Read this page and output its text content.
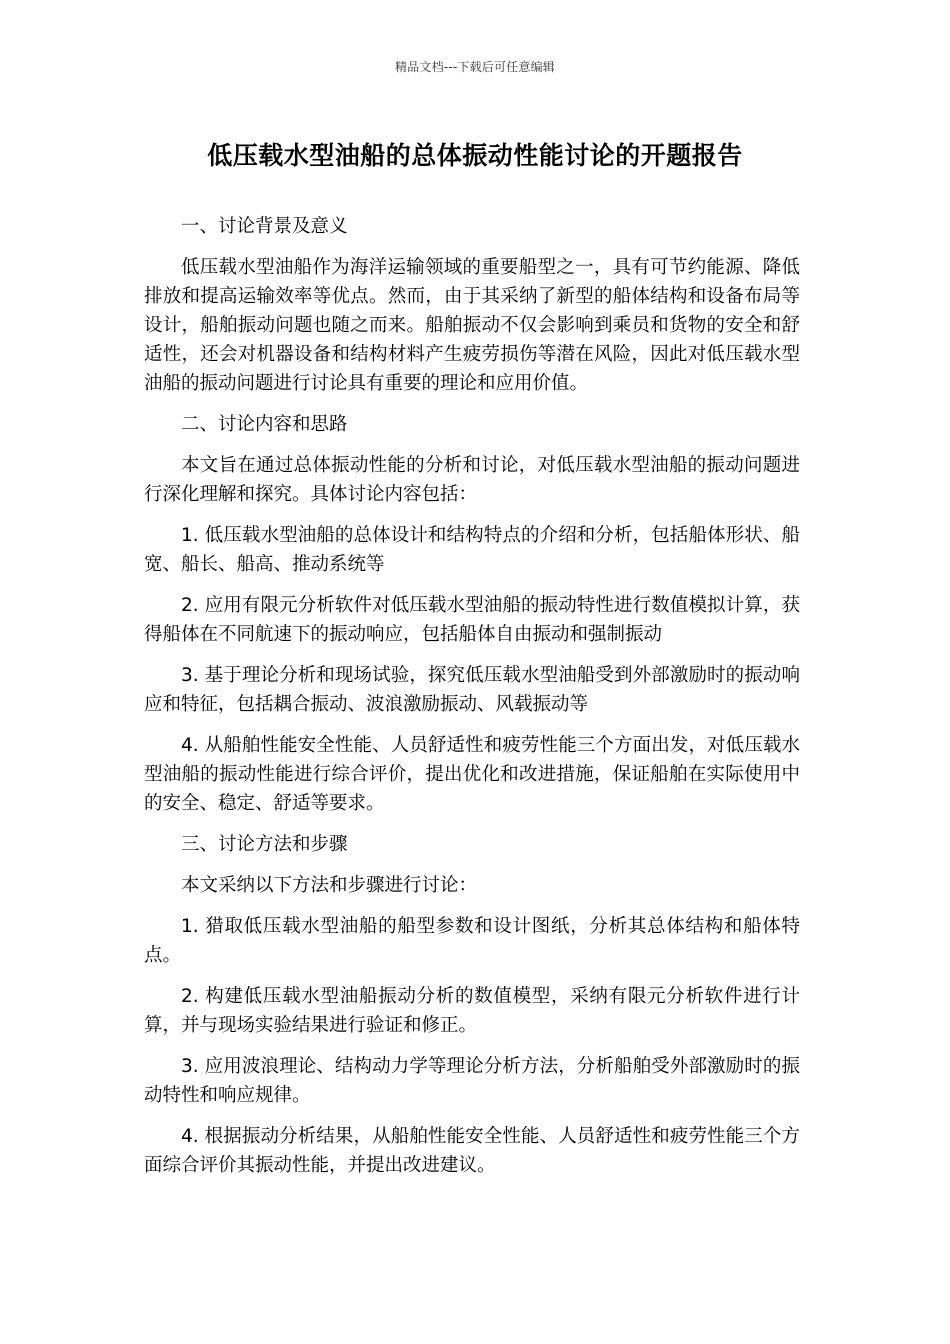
精品文档---下载后可任意编辑
低压载水型油船的总体振动性能讨论的开题报告

一、讨论背景及意义

低压载水型油船作为海洋运输领域的重要船型之一，具有可节约能源、降低排放和提高运输效率等优点。然而，由于其采纳了新型的船体结构和设备布局等设计，船舶振动问题也随之而来。船舶振动不仅会影响到乘员和货物的安全和舒适性，还会对机器设备和结构材料产生疲劳损伤等潜在风险，因此对低压载水型油船的振动问题进行讨论具有重要的理论和应用价值。

二、讨论内容和思路

本文旨在通过总体振动性能的分析和讨论，对低压载水型油船的振动问题进行深化理解和探究。具体讨论内容包括：

1. 低压载水型油船的总体设计和结构特点的介绍和分析，包括船体形状、船宽、船长、船高、推动系统等

2. 应用有限元分析软件对低压载水型油船的振动特性进行数值模拟计算，获得船体在不同航速下的振动响应，包括船体自由振动和强制振动

3. 基于理论分析和现场试验，探究低压载水型油船受到外部激励时的振动响应和特征，包括耦合振动、波浪激励振动、风载振动等

4. 从船舶性能安全性能、人员舒适性和疲劳性能三个方面出发，对低压载水型油船的振动性能进行综合评价，提出优化和改进措施，保证船舶在实际使用中的安全、稳定、舒适等要求。

三、讨论方法和步骤

本文采纳以下方法和步骤进行讨论：

1. 猎取低压载水型油船的船型参数和设计图纸，分析其总体结构和船体特点。

2. 构建低压载水型油船振动分析的数值模型，采纳有限元分析软件进行计算，并与现场实验结果进行验证和修正。

3. 应用波浪理论、结构动力学等理论分析方法，分析船舶受外部激励时的振动特性和响应规律。

4. 根据振动分析结果，从船舶性能安全性能、人员舒适性和疲劳性能三个方面综合评价其振动性能，并提出改进建议。
